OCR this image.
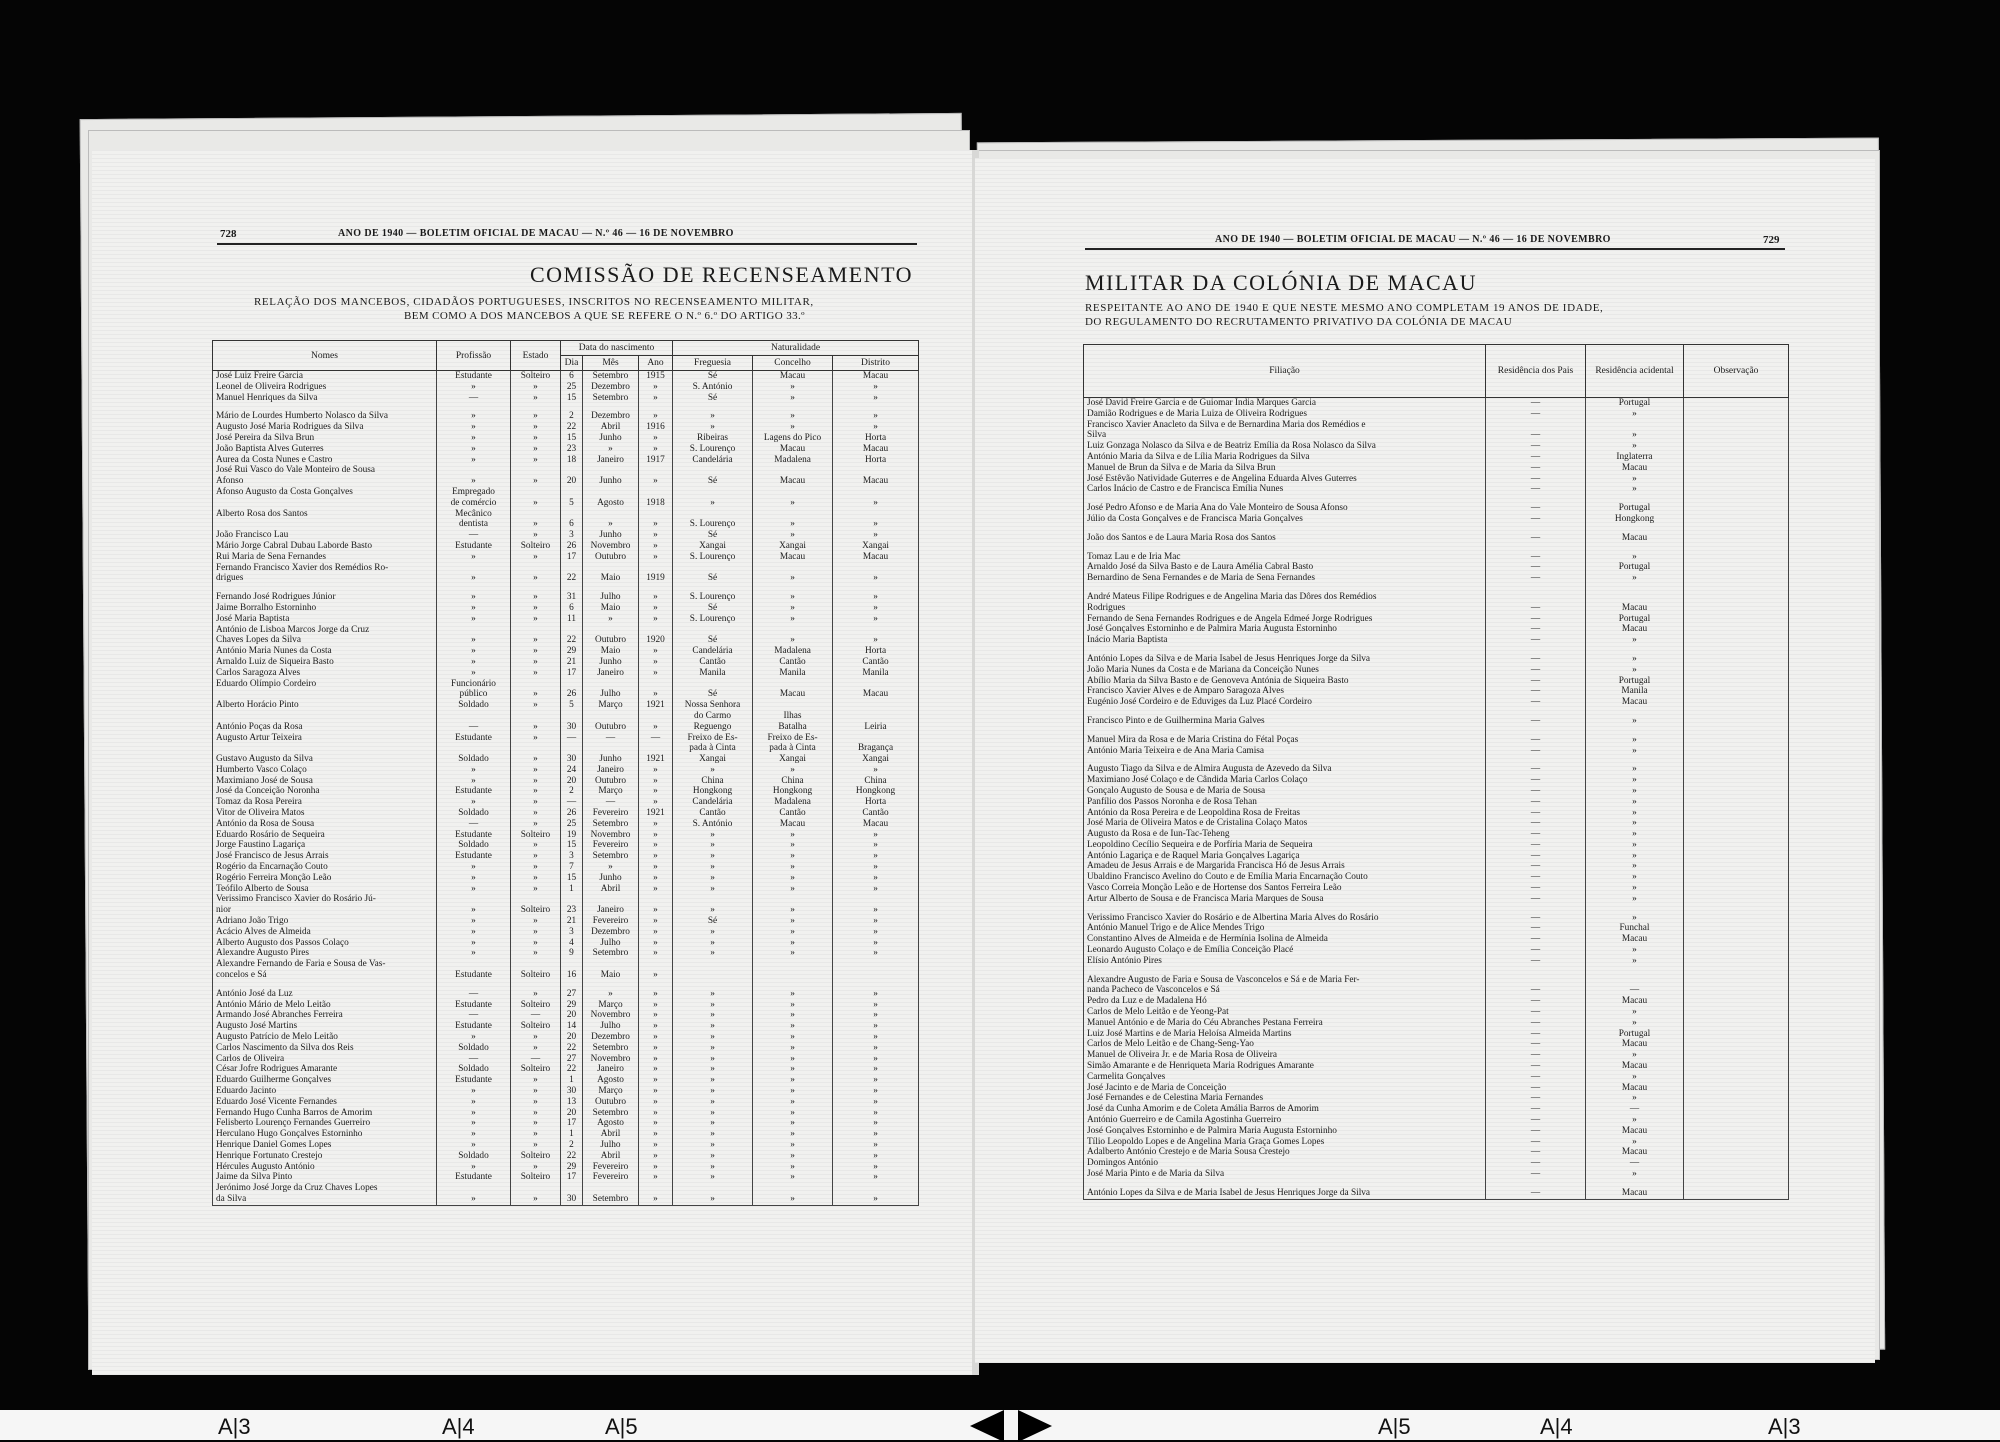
728	ANO DE 1940 — BOLETIM OFICIAL DE MACAU — N.º 46 — 16 DE NOVEMBRO
COMISSÃO DE RECENSEAMENTO
RELAÇÃO DOS MANCEBOS, CIDADÃOS PORTUGUESES, INSCRITOS NO RECENSEAMENTO MILITAR,
BEM COMO A DOS MANCEBOS A QUE SE REFERE O N.º 6.º DO ARTIGO 33.º
Nomes	Profissão	Estado	Data do nascimento			Naturalidade		
			Dia	Mês	Ano	Freguesia	Concelho	Distrito
José Luiz Freire Garcia	Estudante	Solteiro	6	Setembro	1915	Sé	Macau	Macau
Leonel de Oliveira Rodrigues	»	»	25	Dezembro	»	S. António	»	»
Manuel Henriques da Silva	—	»	15	Setembro	»	Sé	»	»

Mário de Lourdes Humberto Nolasco da Silva	»	»	2	Dezembro	»	»	»	»
Augusto José Maria Rodrigues da Silva	»	»	22	Abril	1916	»	»	»
José Pereira da Silva Brun	»	»	15	Junho	»	Ribeiras	Lagens do Pico	Horta
João Baptista Alves Guterres	»	»	23	»	»	S. Lourenço	Macau	Macau
Aurea da Costa Nunes e Castro	»	»	18	Janeiro	1917	Candelária	Madalena	Horta
José Rui Vasco do Vale Monteiro de Sousa								
Afonso	»	»	20	Junho	»	Sé	Macau	Macau
Afonso Augusto da Costa Gonçalves	Empregado							
	de comércio	»	5	Agosto	1918	»	»	»
Alberto Rosa dos Santos	Mecânico							
	dentista	»	6	»	»	S. Lourenço	»	»
João Francisco Lau	—	»	3	Junho	»	Sé	»	»
Mário Jorge Cabral Dubau Laborde Basto	Estudante	Solteiro	26	Novembro	»	Xangai	Xangai	Xangai
Rui Maria de Sena Fernandes	»	»	17	Outubro	»	S. Lourenço	Macau	Macau
Fernando Francisco Xavier dos Remédios Ro-								
drigues	»	»	22	Maio	1919	Sé	»	»

Fernando José Rodrigues Júnior	»	»	31	Julho	»	S. Lourenço	»	»
Jaime Borralho Estorninho	»	»	6	Maio	»	Sé	»	»
José Maria Baptista	»	»	11	»	»	S. Lourenço	»	»
António de Lisboa Marcos Jorge da Cruz								
Chaves Lopes da Silva	»	»	22	Outubro	1920	Sé	»	»
António Maria Nunes da Costa	»	»	29	Maio	»	Candelária	Madalena	Horta
Arnaldo Luiz de Siqueira Basto	»	»	21	Junho	»	Cantão	Cantão	Cantão
Carlos Saragoza Alves	»	»	17	Janeiro	»	Manila	Manila	Manila
Eduardo Olímpio Cordeiro	Funcionário							
	público	»	26	Julho	»	Sé	Macau	Macau
Alberto Horácio Pinto	Soldado	»	5	Março	1921	Nossa Senhora		
						do Carmo	Ilhas	
António Poças da Rosa	—	»	30	Outubro	»	Reguengo	Batalha	Leiria
Augusto Artur Teixeira	Estudante	»	—	—	—	Freixo de Es-	Freixo de Es-	
						pada à Cinta	pada à Cinta	Bragança
Gustavo Augusto da Silva	Soldado	»	30	Junho	1921	Xangai	Xangai	Xangai
Humberto Vasco Colaço	»	»	24	Janeiro	»	»	»	»
Maximiano José de Sousa	»	»	20	Outubro	»	China	China	China
José da Conceição Noronha	Estudante	»	2	Março	»	Hongkong	Hongkong	Hongkong
Tomaz da Rosa Pereira	»	»	—	—	»	Candelária	Madalena	Horta
Vitor de Oliveira Matos	Soldado	»	26	Fevereiro	1921	Cantão	Cantão	Cantão
António da Rosa de Sousa	—	»	25	Setembro	»	S. António	Macau	Macau
Eduardo Rosário de Sequeira	Estudante	Solteiro	19	Novembro	»	»	»	»
Jorge Faustino Lagariça	Soldado	»	15	Fevereiro	»	»	»	»
José Francisco de Jesus Arrais	Estudante	»	3	Setembro	»	»	»	»
Rogério da Encarnação Couto	»	»	7	»	»	»	»	»
Rogério Ferreira Monção Leão	»	»	15	Junho	»	»	»	»
Teófilo Alberto de Sousa	»	»	1	Abril	»	»	»	»
Verissimo Francisco Xavier do Rosário Jú-								
nior	»	Solteiro	23	Janeiro	»	»	»	»
Adriano João Trigo	»	»	21	Fevereiro	»	Sé	»	»
Acácio Alves de Almeida	»	»	3	Dezembro	»	»	»	»
Alberto Augusto dos Passos Colaço	»	»	4	Julho	»	»	»	»
Alexandre Augusto Pires	»	»	9	Setembro	»	»	»	»
Alexandre Fernando de Faria e Sousa de Vas-								
concelos e Sá	Estudante	Solteiro	16	Maio	»			

António José da Luz	—	»	27	»	»	»	»	»
António Mário de Melo Leitão	Estudante	Solteiro	29	Março	»	»	»	»
Armando José Abranches Ferreira	—	—	20	Novembro	»	»	»	»
Augusto José Martins	Estudante	Solteiro	14	Julho	»	»	»	»
Augusto Patrício de Melo Leitão	»	»	20	Dezembro	»	»	»	»
Carlos Nascimento da Silva dos Reis	Soldado	»	22	Setembro	»	»	»	»
Carlos de Oliveira	—	—	27	Novembro	»	»	»	»
César Jofre Rodrigues Amarante	Soldado	Solteiro	22	Janeiro	»	»	»	»
Eduardo Guilherme Gonçalves	Estudante	»	1	Agosto	»	»	»	»
Eduardo Jacinto	»	»	30	Março	»	»	»	»
Eduardo José Vicente Fernandes	»	»	13	Outubro	»	»	»	»
Fernando Hugo Cunha Barros de Amorim	»	»	20	Setembro	»	»	»	»
Felisberto Lourenço Fernandes Guerreiro	»	»	17	Agosto	»	»	»	»
Herculano Hugo Gonçalves Estorninho	»	»	1	Abril	»	»	»	»
Henrique Daniel Gomes Lopes	»	»	2	Julho	»	»	»	»
Henrique Fortunato Crestejo	Soldado	Solteiro	22	Abril	»	»	»	»
Hércules Augusto António	»	»	29	Fevereiro	»	»	»	»
Jaime da Silva Pinto	Estudante	Solteiro	17	Fevereiro	»	»	»	»
Jerónimo José Jorge da Cruz Chaves Lopes								
da Silva	»	»	30	Setembro	»	»	»	»
ANO DE 1940 — BOLETIM OFICIAL DE MACAU — N.º 46 — 16 DE NOVEMBRO	729
MILITAR DA COLÓNIA DE MACAU
RESPEITANTE AO ANO DE 1940 E QUE NESTE MESMO ANO COMPLETAM 19 ANOS DE IDADE,
DO REGULAMENTO DO RECRUTAMENTO PRIVATIVO DA COLÓNIA DE MACAU
Filiação	Residência dos Pais	Residência acidental	Observação
José David Freire Garcia e de Guiomar Índia Marques Garcia	—	Portugal	
Damião Rodrigues e de Maria Luiza de Oliveira Rodrigues	—	»	
Francisco Xavier Anacleto da Silva e de Bernardina Maria dos Remédios e			
Silva	—	»	
Luiz Gonzaga Nolasco da Silva e de Beatriz Emília da Rosa Nolasco da Silva	—	»	
António Maria da Silva e de Lília Maria Rodrigues da Silva	—	Inglaterra	
Manuel de Brun da Silva e de Maria da Silva Brun	—	Macau	
José Estêvão Natividade Guterres e de Angelina Eduarda Alves Guterres	—	»	
Carlos Inácio de Castro e de Francisca Emília Nunes	—	»	

José Pedro Afonso e de Maria Ana do Vale Monteiro de Sousa Afonso	—	Portugal	
Júlio da Costa Gonçalves e de Francisca Maria Gonçalves	—	Hongkong	

João dos Santos e de Laura Maria Rosa dos Santos	—	Macau	

Tomaz Lau e de Iria Mac	—	»	
Arnaldo José da Silva Basto e de Laura Amélia Cabral Basto	—	Portugal	
Bernardino de Sena Fernandes e de Maria de Sena Fernandes	—	»	

André Mateus Filipe Rodrigues e de Angelina Maria das Dôres dos Remédios			
Rodrigues	—	Macau	
Fernando de Sena Fernandes Rodrigues e de Ângela Edmeé Jorge Rodrigues	—	Portugal	
José Gonçalves Estorninho e de Palmira Maria Augusta Estorninho	—	Macau	
Inácio Maria Baptista	—	»	

António Lopes da Silva e de Maria Isabel de Jesus Henriques Jorge da Silva	—	»	
João Maria Nunes da Costa e de Mariana da Conceição Nunes	—	»	
Abílio Maria da Silva Basto e de Genoveva Antónia de Siqueira Basto	—	Portugal	
Francisco Xavier Alves e de Amparo Saragoza Alves	—	Manila	
Eugénio José Cordeiro e de Eduviges da Luz Placé Cordeiro	—	Macau	

Francisco Pinto e de Guilhermina Maria Galves	—	»	

Manuel Mira da Rosa e de Maria Cristina do Fétal Poças	—	»	
António Maria Teixeira e de Ana Maria Camisa	—	»	

Augusto Tiago da Silva e de Almira Augusta de Azevedo da Silva	—	»	
Maximiano José Colaço e de Cândida Maria Carlos Colaço	—	»	
Gonçalo Augusto de Sousa e de Maria de Sousa	—	»	
Panfílio dos Passos Noronha e de Rosa Tehan	—	»	
António da Rosa Pereira e de Leopoldina Rosa de Freitas	—	»	
José Maria de Oliveira Matos e de Cristalina Colaço Matos	—	»	
Augusto da Rosa e de Iun-Tac-Teheng	—	»	
Leopoldino Cecílio Sequeira e de Porfíria Maria de Sequeira	—	»	
António Lagariça e de Raquel Maria Gonçalves Lagariça	—	»	
Amadeu de Jesus Arrais e de Margarida Francisca Hó de Jesus Arrais	—	»	
Ubaldino Francisco Avelino do Couto e de Emília Maria Encarnação Couto	—	»	
Vasco Correia Monção Leão e de Hortense dos Santos Ferreira Leão	—	»	
Artur Alberto de Sousa e de Francisca Maria Marques de Sousa	—	»	

Verissimo Francisco Xavier do Rosário e de Albertina Maria Alves do Rosário	—	»	
António Manuel Trigo e de Alice Mendes Trigo	—	Funchal	
Constantino Alves de Almeida e de Hermínia Isolina de Almeida	—	Macau	
Leonardo Augusto Colaço e de Emília Conceição Placé	—	»	
Elísio António Pires	—	»	

Alexandre Augusto de Faria e Sousa de Vasconcelos e Sá e de Maria Fer-			
nanda Pacheco de Vasconcelos e Sá	—	—	
Pedro da Luz e de Madalena Hó	—	Macau	
Carlos de Melo Leitão e de Yeong-Pat	—	»	
Manuel António e de Maria do Céu Abranches Pestana Ferreira	—	»	
Luiz José Martins e de Maria Heloísa Almeida Martins	—	Portugal	
Carlos de Melo Leitão e de Chang-Seng-Yao	—	Macau	
Manuel de Oliveira Jr. e de Maria Rosa de Oliveira	—	»	
Simão Amarante e de Henriqueta Maria Rodrigues Amarante	—	Macau	
Carmelita Gonçalves	—	»	
José Jacinto e de Maria de Conceição	—	Macau	
José Fernandes e de Celestina Maria Fernandes	—	»	
José da Cunha Amorim e de Coleta Amália Barros de Amorim	—	—	
António Guerreiro e de Camila Agostinha Guerreiro	—	»	
José Gonçalves Estorninho e de Palmira Maria Augusta Estorninho	—	Macau	
Tílio Leopoldo Lopes e de Angelina Maria Graça Gomes Lopes	—	»	
Adalberto António Crestejo e de Maria Sousa Crestejo	—	Macau	
Domingos António	—	—	
José Maria Pinto e de Maria da Silva	—	»	

António Lopes da Silva e de Maria Isabel de Jesus Henriques Jorge da Silva	—	Macau	
A|3	A|4	A|5	A|5	A|4	A|3
